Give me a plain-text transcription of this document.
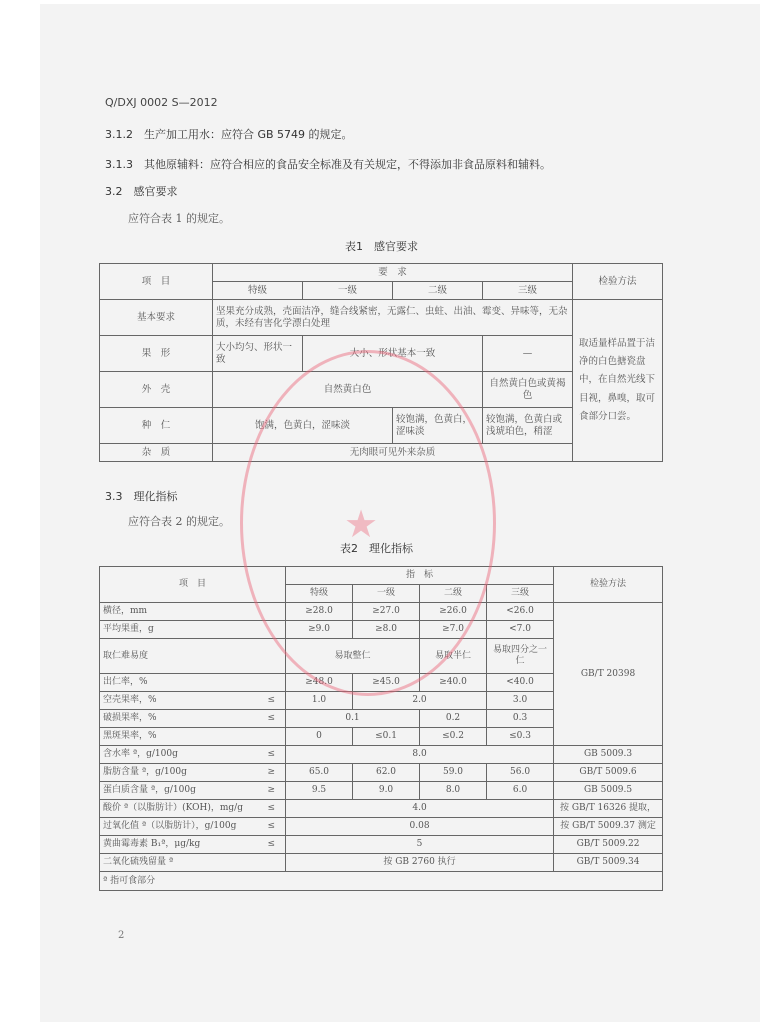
Q/DXJ 0002 S—2012
3.1.2　生产加工用水：应符合 GB 5749 的规定。
3.1.3　其他原辅料：应符合相应的食品安全标准及有关规定，不得添加非食品原料和辅料。
3.2　感官要求
应符合表 1 的规定。
表1　感官要求
项　目	要　求				检验方法
	特级	一级	二级	三级	
基本要求	坚果充分成熟，壳面洁净，缝合线紧密，无露仁、虫蛀、出油、霉变、异味等，无杂质，未经有害化学漂白处理				取适量样品置于洁净的白色搪瓷盘中，在自然光线下目视，鼻嗅，取可食部分口尝。
果　形	大小均匀、形状一致	大小、形状基本一致		—	
外　壳	自然黄白色			自然黄白色或黄褐色	
种　仁	饱满，色黄白，涩味淡		较饱满，色黄白，涩味淡	较饱满，色黄白或浅琥珀色，稍涩	
杂　质	无肉眼可见外来杂质				
3.3　理化指标
应符合表 2 的规定。
表2　理化指标
项　目		指　标				检验方法
		特级	一级	二级	三级	
横径，mm		≥28.0	≥27.0	≥26.0	<26.0	GB/T 20398
平均果重，g		≥9.0	≥8.0	≥7.0	<7.0	
取仁难易度		易取整仁		易取半仁	易取四分之一仁	
出仁率，%		≥48.0	≥45.0	≥40.0	<40.0	
空壳果率，%	≤	1.0	2.0		3.0	
破损果率，%	≤	0.1		0.2	0.3	
黑斑果率，%		0	≤0.1	≤0.2	≤0.3	
含水率 ª，g/100g	≤	8.0				GB 5009.3
脂肪含量 ª，g/100g	≥	65.0	62.0	59.0	56.0	GB/T 5009.6
蛋白质含量 ª，g/100g	≥	9.5	9.0	8.0	6.0	GB 5009.5
酸价 ª（以脂肪计）(KOH)，mg/g	≤	4.0				按 GB/T 16326 提取，
过氧化值 ª（以脂肪计），g/100g	≤	0.08				按 GB/T 5009.37 测定
黄曲霉毒素 B₁ª，μg/kg	≤	5				GB/T 5009.22
二氧化硫残留量 ª		按 GB 2760 执行				GB/T 5009.34
ª 指可食部分						
★
2
